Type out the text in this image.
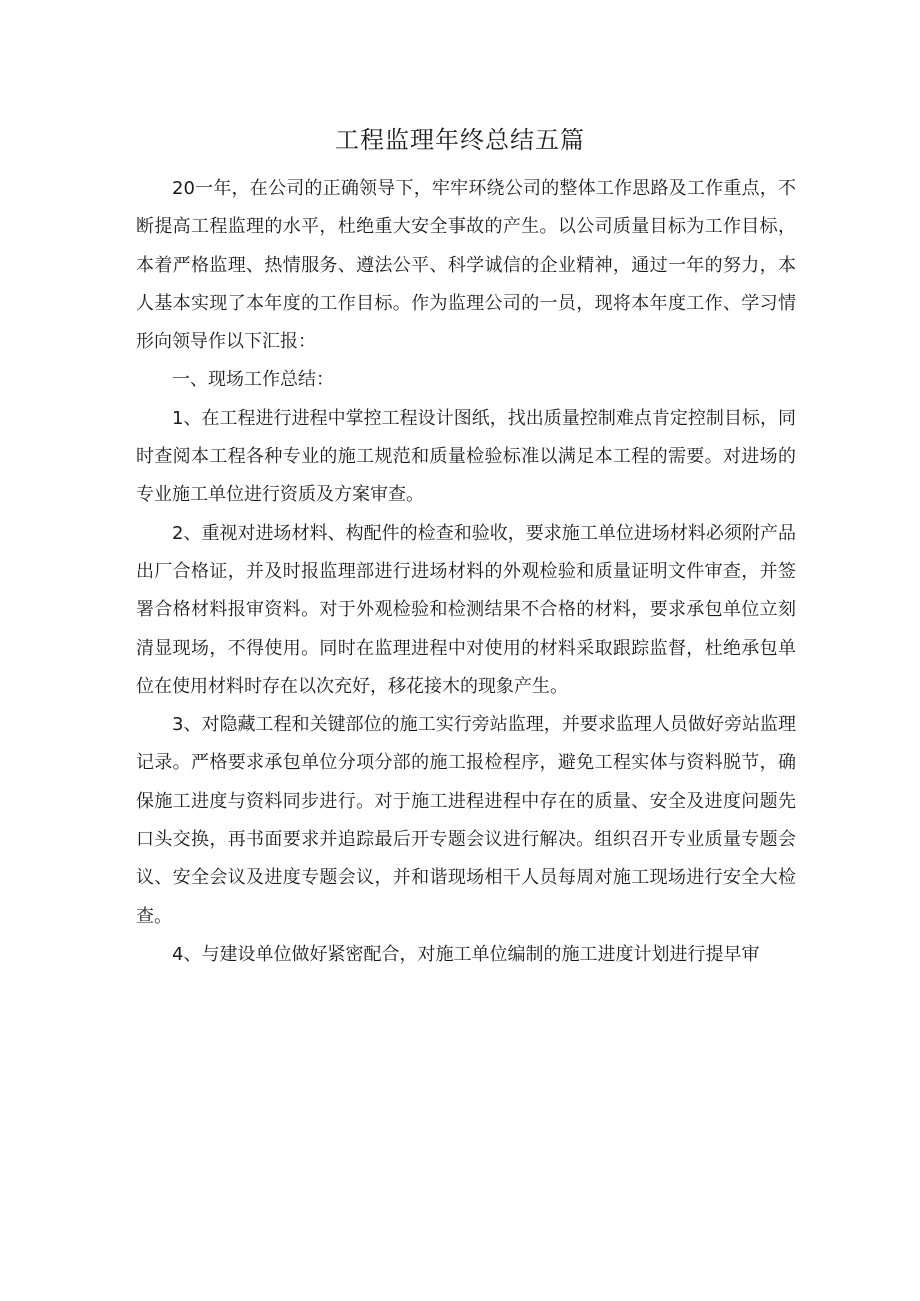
工程监理年终总结五篇

20一年，在公司的正确领导下，牢牢环绕公司的整体工作思路及工作重点，不断提高工程监理的水平，杜绝重大安全事故的产生。以公司质量目标为工作目标，本着严格监理、热情服务、遵法公平、科学诚信的企业精神，通过一年的努力，本人基本实现了本年度的工作目标。作为监理公司的一员，现将本年度工作、学习情形向领导作以下汇报：

一、现场工作总结：

1、在工程进行进程中掌控工程设计图纸，找出质量控制难点肯定控制目标，同时查阅本工程各种专业的施工规范和质量检验标准以满足本工程的需要。对进场的专业施工单位进行资质及方案审查。

2、重视对进场材料、构配件的检查和验收，要求施工单位进场材料必须附产品出厂合格证，并及时报监理部进行进场材料的外观检验和质量证明文件审查，并签署合格材料报审资料。对于外观检验和检测结果不合格的材料，要求承包单位立刻清显现场，不得使用。同时在监理进程中对使用的材料采取跟踪监督，杜绝承包单位在使用材料时存在以次充好，移花接木的现象产生。

3、对隐藏工程和关键部位的施工实行旁站监理，并要求监理人员做好旁站监理记录。严格要求承包单位分项分部的施工报检程序，避免工程实体与资料脱节，确保施工进度与资料同步进行。对于施工进程进程中存在的质量、安全及进度问题先口头交换，再书面要求并追踪最后开专题会议进行解决。组织召开专业质量专题会议、安全会议及进度专题会议，并和谐现场相干人员每周对施工现场进行安全大检查。

4、与建设单位做好紧密配合，对施工单位编制的施工进度计划进行提早审
